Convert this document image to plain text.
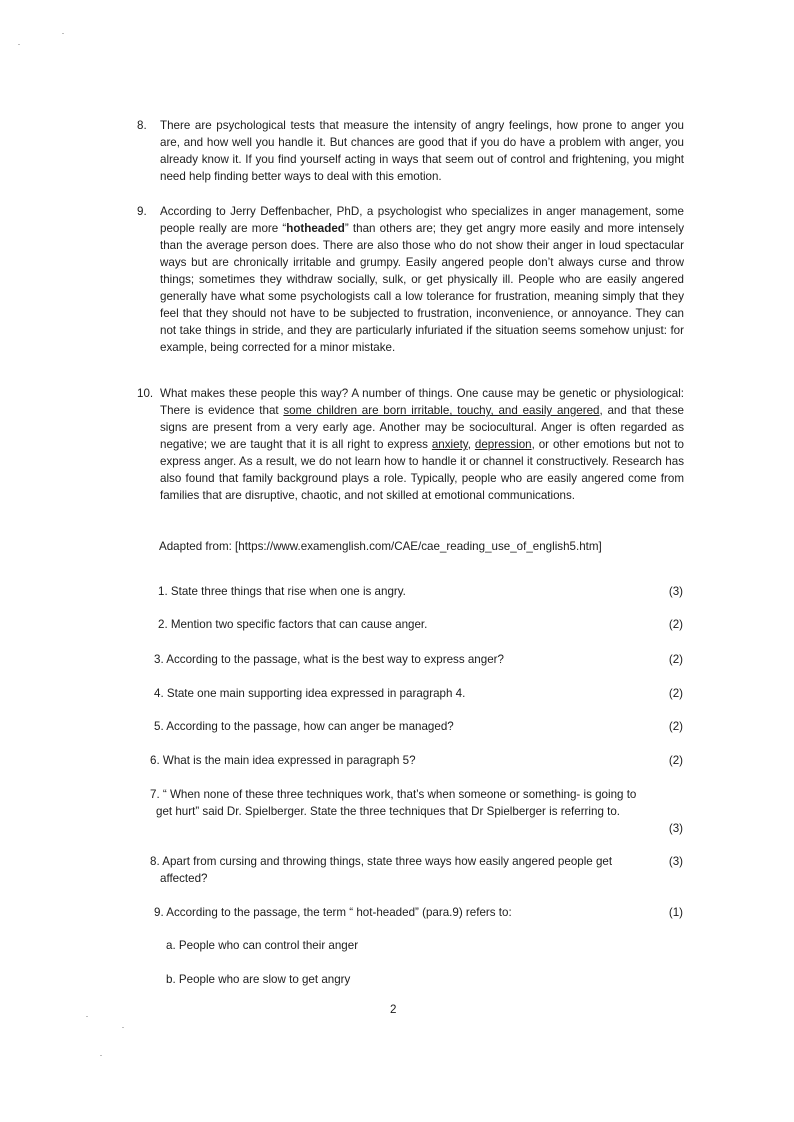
8. There are psychological tests that measure the intensity of angry feelings, how prone to anger you are, and how well you handle it. But chances are good that if you do have a problem with anger, you already know it. If you find yourself acting in ways that seem out of control and frightening, you might need help finding better ways to deal with this emotion.
9. According to Jerry Deffenbacher, PhD, a psychologist who specializes in anger management, some people really are more “hotheaded” than others are; they get angry more easily and more intensely than the average person does. There are also those who do not show their anger in loud spectacular ways but are chronically irritable and grumpy. Easily angered people don’t always curse and throw things; sometimes they withdraw socially, sulk, or get physically ill. People who are easily angered generally have what some psychologists call a low tolerance for frustration, meaning simply that they feel that they should not have to be subjected to frustration, inconvenience, or annoyance. They can not take things in stride, and they are particularly infuriated if the situation seems somehow unjust: for example, being corrected for a minor mistake.
10. What makes these people this way? A number of things. One cause may be genetic or physiological: There is evidence that some children are born irritable, touchy, and easily angered, and that these signs are present from a very early age. Another may be sociocultural. Anger is often regarded as negative; we are taught that it is all right to express anxiety, depression, or other emotions but not to express anger. As a result, we do not learn how to handle it or channel it constructively. Research has also found that family background plays a role. Typically, people who are easily angered come from families that are disruptive, chaotic, and not skilled at emotional communications.
Adapted from: [https://www.examenglish.com/CAE/cae_reading_use_of_english5.htm]
1. State three things that rise when one is angry.	(3)
2. Mention two specific factors that can cause anger.	(2)
3. According to the passage, what is the best way to express anger?	(2)
4. State one main supporting idea expressed in paragraph 4.	(2)
5. According to the passage, how can anger be managed?	(2)
6. What is the main idea expressed in paragraph 5?	(2)
7. “ When none of these three techniques work, that’s when someone or something- is going to get hurt” said Dr. Spielberger. State the three techniques that Dr Spielberger is referring to.
(3)
8. Apart from cursing and throwing things, state three ways how easily angered people get affected?
(3)
9. According to the passage, the term “ hot-headed” (para.9) refers to:	(1)
a. People who can control their anger
b. People who are slow to get angry
2
